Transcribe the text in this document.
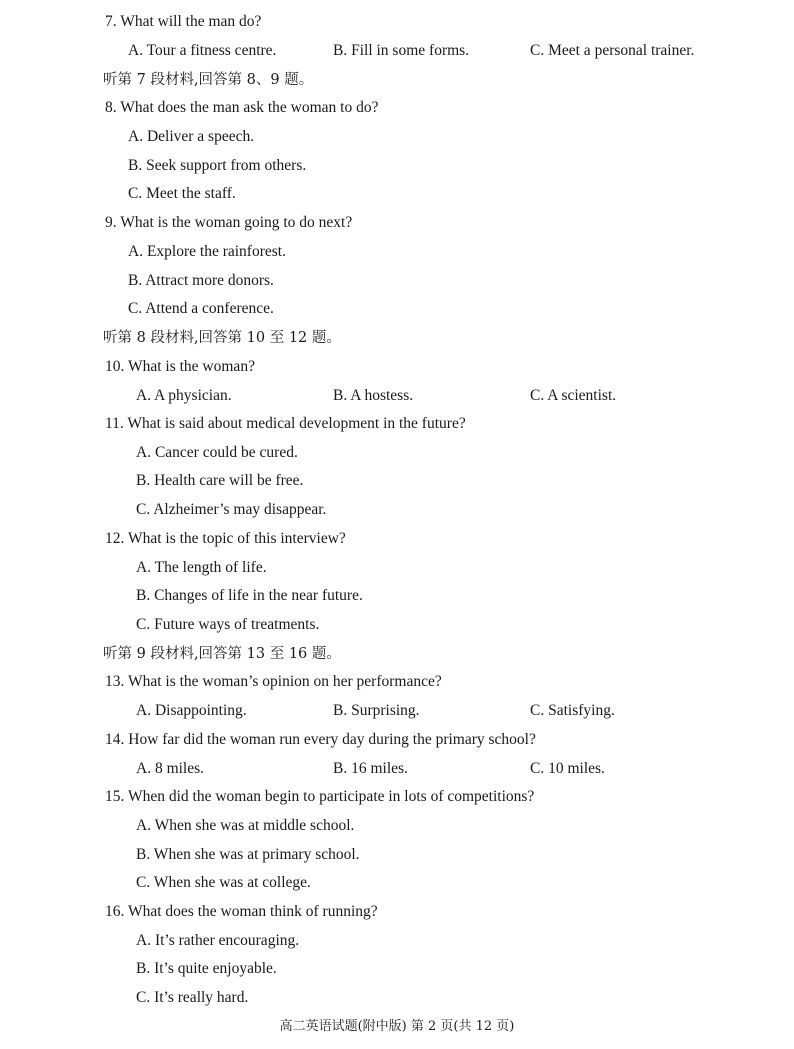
7. What will the man do?
A. Tour a fitness centre.	B. Fill in some forms.	C. Meet a personal trainer.
听第 7 段材料,回答第 8、9 题。
8. What does the man ask the woman to do?
A. Deliver a speech.
B. Seek support from others.
C. Meet the staff.
9. What is the woman going to do next?
A. Explore the rainforest.
B. Attract more donors.
C. Attend a conference.
听第 8 段材料,回答第 10 至 12 题。
10. What is the woman?
A. A physician.	B. A hostess.	C. A scientist.
11. What is said about medical development in the future?
A. Cancer could be cured.
B. Health care will be free.
C. Alzheimer’s may disappear.
12. What is the topic of this interview?
A. The length of life.
B. Changes of life in the near future.
C. Future ways of treatments.
听第 9 段材料,回答第 13 至 16 题。
13. What is the woman’s opinion on her performance?
A. Disappointing.	B. Surprising.	C. Satisfying.
14. How far did the woman run every day during the primary school?
A. 8 miles.	B. 16 miles.	C. 10 miles.
15. When did the woman begin to participate in lots of competitions?
A. When she was at middle school.
B. When she was at primary school.
C. When she was at college.
16. What does the woman think of running?
A. It’s rather encouraging.
B. It’s quite enjoyable.
C. It’s really hard.
高二英语试题(附中版) 第 2 页(共 12 页)
